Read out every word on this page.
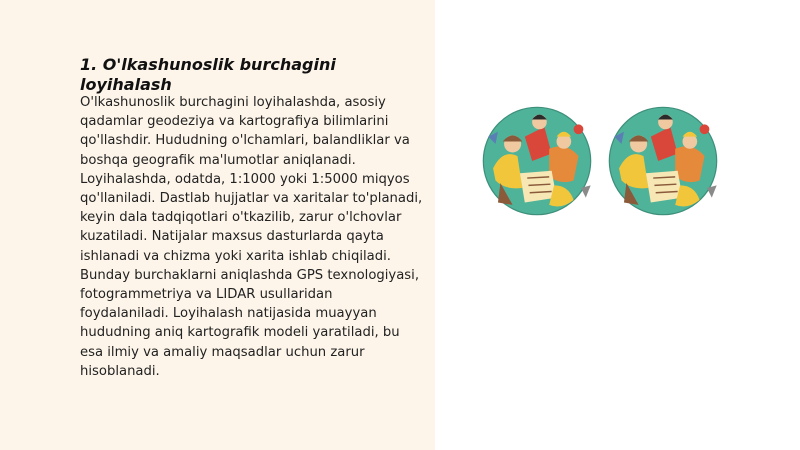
1. O'lkashunoslik burchagini loyihalash

O'lkashunoslik burchagini loyihalashda, asosiy qadamlar geodeziya va kartografiya bilimlarini qo'llashdir. Hududning o'lchamlari, balandliklar va boshqa geografik ma'lumotlar aniqlanadi. Loyihalashda, odatda, 1:1000 yoki 1:5000 miqyos qo'llaniladi. Dastlab hujjatlar va xaritalar to'planadi, keyin dala tadqiqotlari o'tkazilib, zarur o'lchovlar kuzatiladi. Natijalar maxsus dasturlarda qayta ishlanadi va chizma yoki xarita ishlab chiqiladi. Bunday burchaklarni aniqlashda GPS texnologiyasi, fotogrammetriya va LIDAR usullaridan foydalaniladi. Loyihalash natijasida muayyan hududning aniq kartografik modeli yaratiladi, bu esa ilmiy va amaliy maqsadlar uchun zarur hisoblanadi.
